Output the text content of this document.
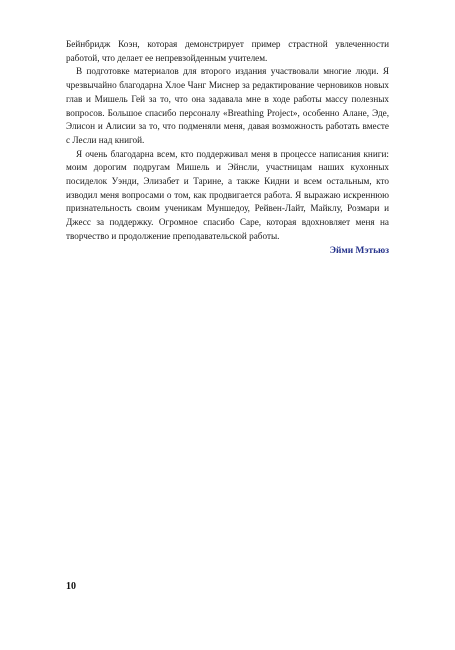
Бейнбридж Коэн, которая демонстрирует пример страстной увлеченности работой, что делает ее непревзойденным учителем.

В подготовке материалов для второго издания участвовали многие люди. Я чрезвычайно благодарна Хлое Чанг Миснер за редактирование черновиков новых глав и Мишель Гей за то, что она задавала мне в ходе работы массу полезных вопросов. Большое спасибо персоналу «Breathing Project», особенно Алане, Эде, Элисон и Алисии за то, что подменяли меня, давая возможность работать вместе с Лесли над книгой.

Я очень благодарна всем, кто поддерживал меня в процессе написания книги: моим дорогим подругам Мишель и Эйнсли, участницам наших кухонных посиделок Уэнди, Элизабет и Тарине, а также Кидни и всем остальным, кто изводил меня вопросами о том, как продвигается работа. Я выражаю искреннюю признательность своим ученикам Муншедоу, Рейвен-Лайт, Майклу, Розмари и Джесс за поддержку. Огромное спасибо Саре, которая вдохновляет меня на творчество и продолжение преподавательской работы.

Эйми Мэтьюз

10
